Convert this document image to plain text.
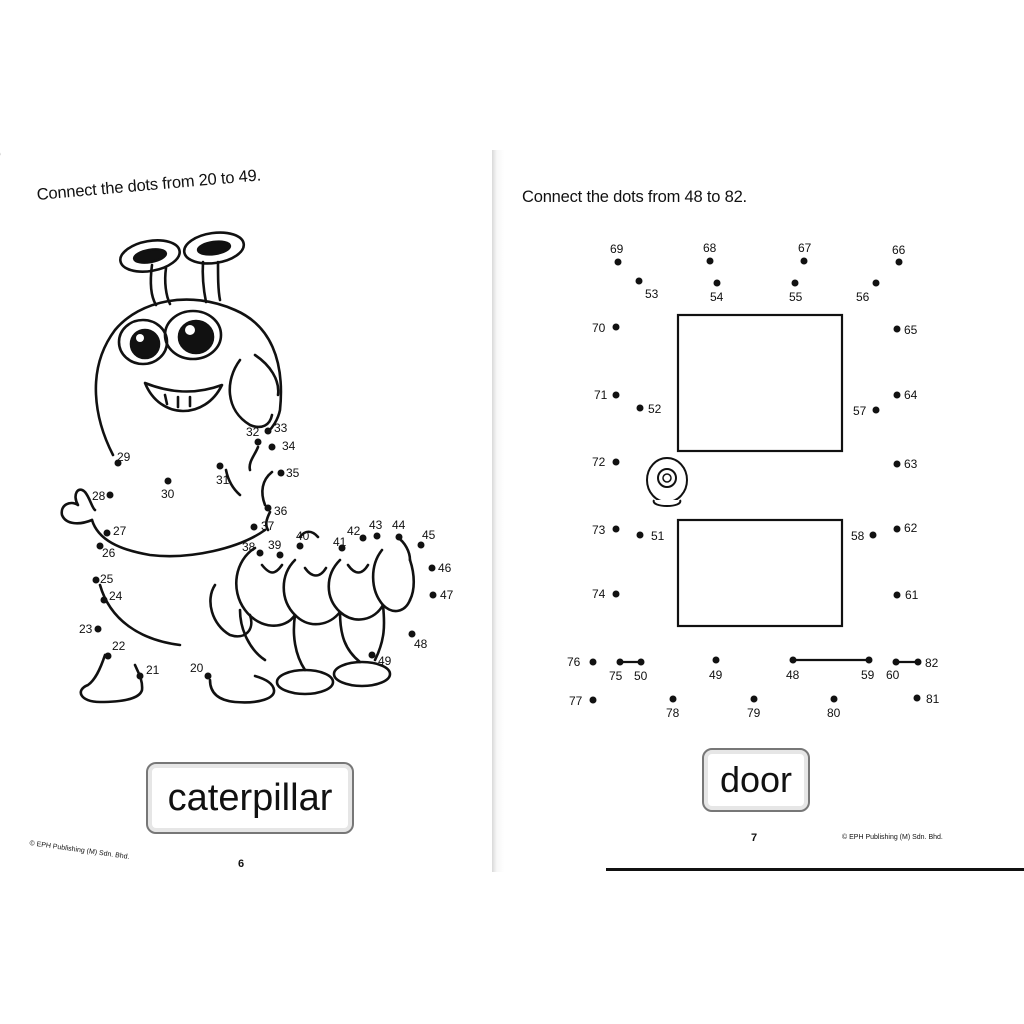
Connect the dots from 20 to 49.
20
21
22
23
24
25
26
27
28
29
30
31
32 33
34
35
36
37
38 39
40 41
42 43 44
45
46
47
48
49
48
49
50
51
52
53	54	55	56
57
58
59 60
61
62
63
64
65
66
67
68
69
70
71
72
73
74
75
76
77
78	79	80
81
82
caterpillar
© EPH Publishing (M) Sdn. Bhd.
6
Connect the dots from 48 to 82.
door
7	© EPH Publishing (M) Sdn. Bhd.
